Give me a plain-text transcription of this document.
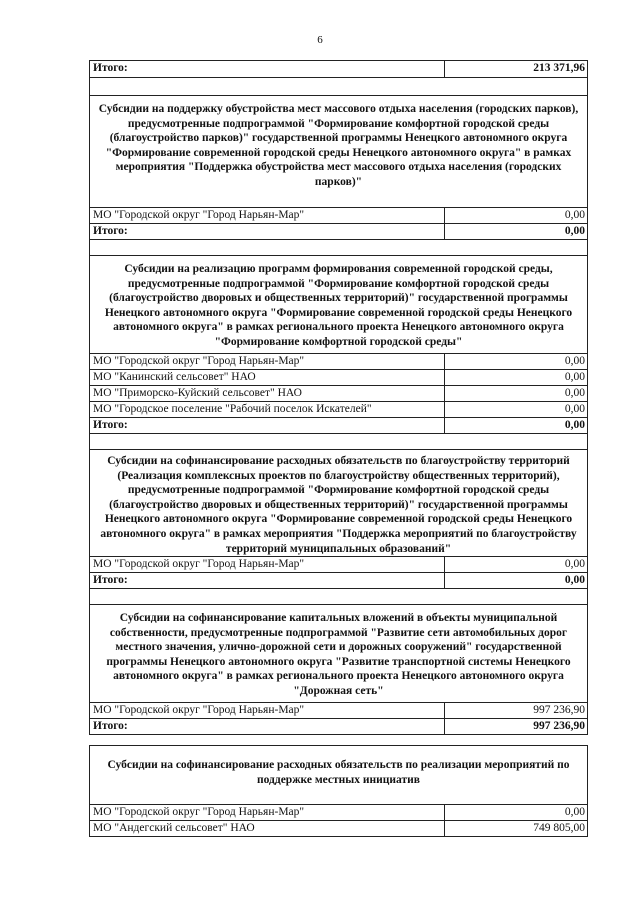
6
Итого:	213 371,96
Субсидии на поддержку обустройства мест массового отдыха населения (городских парков), предусмотренные подпрограммой "Формирование комфортной городской среды (благоустройство парков)" государственной программы Ненецкого автономного округа "Формирование современной городской среды Ненецкого автономного округа" в рамках мероприятия "Поддержка обустройства мест массового отдыха населения (городских парков)"
МО "Городской округ "Город Нарьян-Мар"	0,00
Итого:	0,00
Субсидии на реализацию программ формирования современной городской среды, предусмотренные подпрограммой "Формирование комфортной городской среды (благоустройство дворовых и общественных территорий)" государственной программы Ненецкого автономного округа "Формирование современной городской среды Ненецкого автономного округа" в рамках регионального проекта Ненецкого автономного округа "Формирование комфортной городской среды"
МО "Городской округ "Город Нарьян-Мар"	0,00
МО "Канинский сельсовет" НАО	0,00
МО "Приморско-Куйский сельсовет" НАО	0,00
МО "Городское поселение "Рабочий поселок Искателей"	0,00
Итого:	0,00
Субсидии на софинансирование расходных обязательств по благоустройству территорий (Реализация комплексных проектов по благоустройству общественных территорий), предусмотренные подпрограммой "Формирование комфортной городской среды (благоустройство дворовых и общественных территорий)" государственной программы Ненецкого автономного округа "Формирование современной городской среды Ненецкого автономного округа" в рамках мероприятия "Поддержка мероприятий по благоустройству территорий муниципальных образований"
МО "Городской округ "Город Нарьян-Мар"	0,00
Итого:	0,00
Субсидии на софинансирование капитальных вложений в объекты муниципальной собственности, предусмотренные подпрограммой "Развитие сети автомобильных дорог местного значения, улично-дорожной сети и дорожных сооружений" государственной программы Ненецкого автономного округа "Развитие транспортной системы Ненецкого автономного округа" в рамках регионального проекта Ненецкого автономного округа "Дорожная сеть"
МО "Городской округ "Город Нарьян-Мар"	997 236,90
Итого:	997 236,90
Субсидии на софинансирование расходных обязательств по реализации мероприятий по поддержке местных инициатив
МО "Городской округ "Город Нарьян-Мар"	0,00
МО "Андегский сельсовет" НАО	749 805,00
